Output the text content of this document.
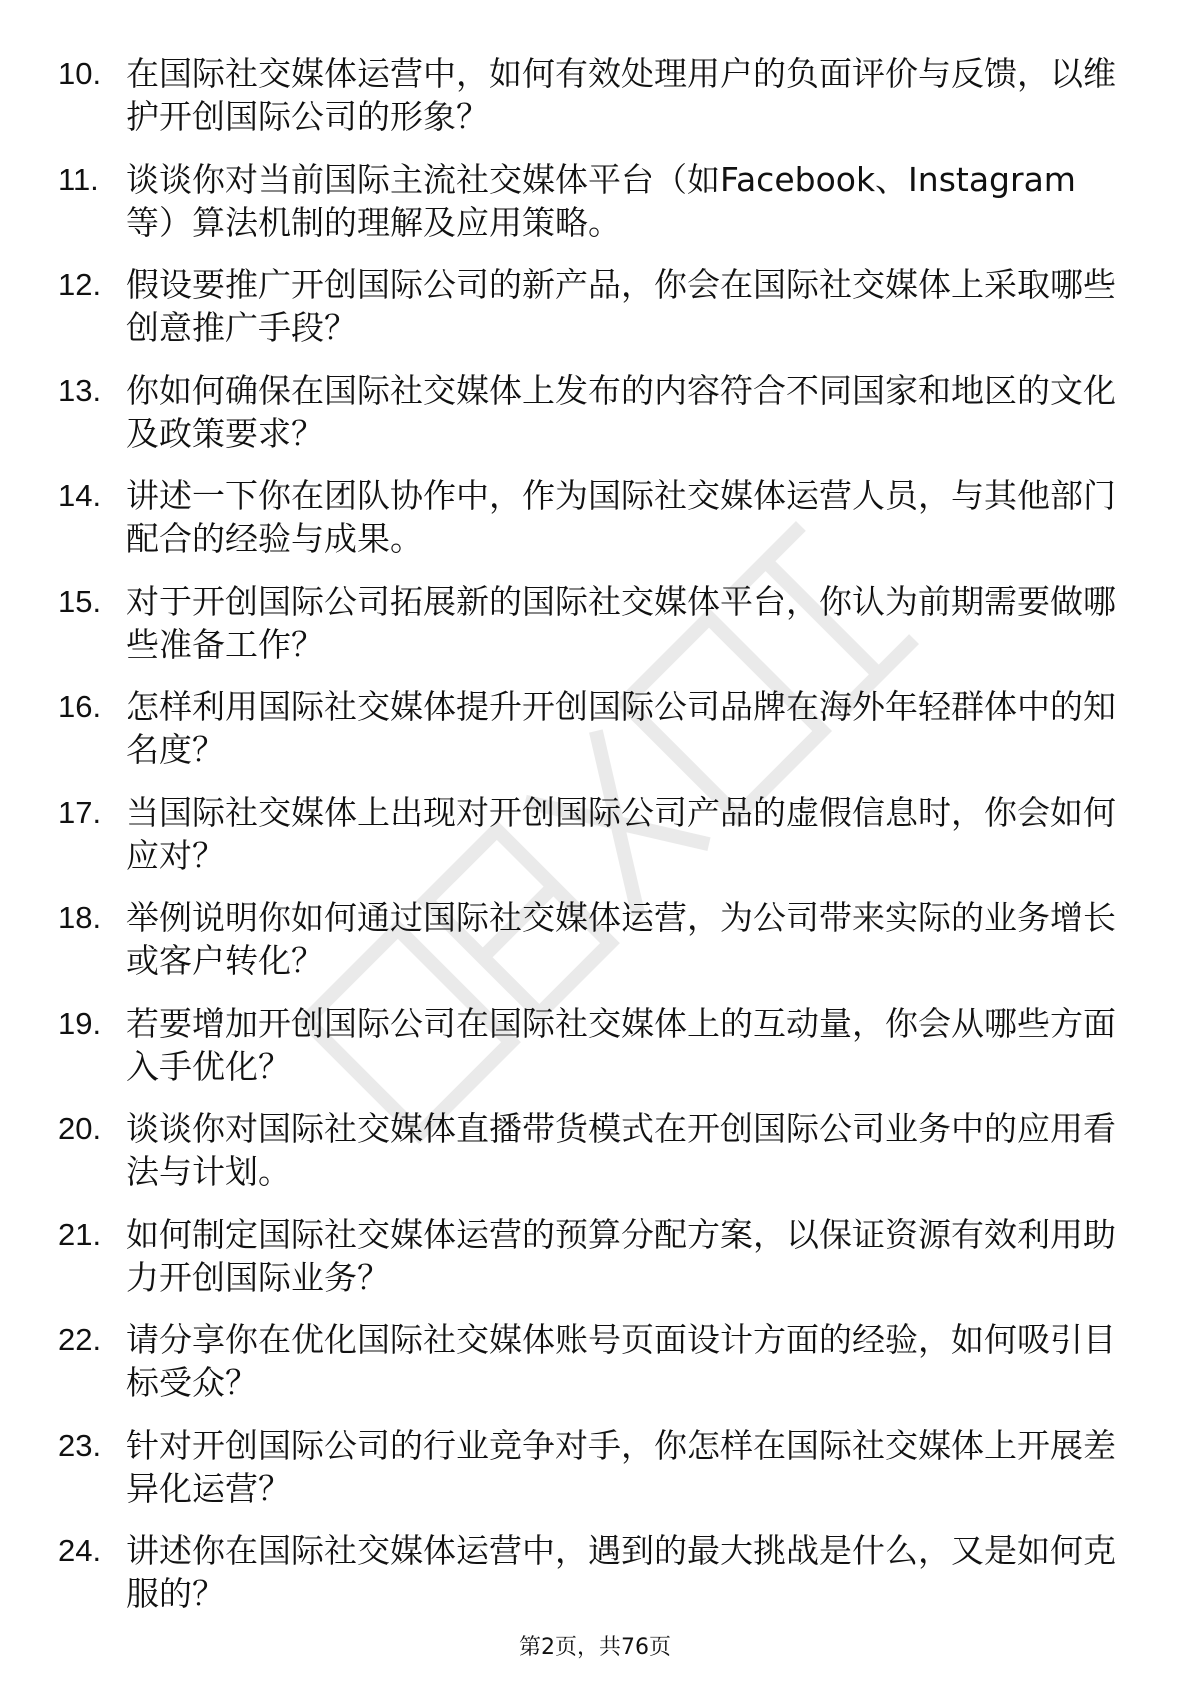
10. 在国际社交媒体运营中，如何有效处理用户的负面评价与反馈，以维护开创国际公司的形象？
11. 谈谈你对当前国际主流社交媒体平台（如Facebook、Instagram等）算法机制的理解及应用策略。
12. 假设要推广开创国际公司的新产品，你会在国际社交媒体上采取哪些创意推广手段？
13. 你如何确保在国际社交媒体上发布的内容符合不同国家和地区的文化及政策要求？
14. 讲述一下你在团队协作中，作为国际社交媒体运营人员，与其他部门配合的经验与成果。
15. 对于开创国际公司拓展新的国际社交媒体平台，你认为前期需要做哪些准备工作？
16. 怎样利用国际社交媒体提升开创国际公司品牌在海外年轻群体中的知名度？
17. 当国际社交媒体上出现对开创国际公司产品的虚假信息时，你会如何应对？
18. 举例说明你如何通过国际社交媒体运营，为公司带来实际的业务增长或客户转化？
19. 若要增加开创国际公司在国际社交媒体上的互动量，你会从哪些方面入手优化？
20. 谈谈你对国际社交媒体直播带货模式在开创国际公司业务中的应用看法与计划。
21. 如何制定国际社交媒体运营的预算分配方案，以保证资源有效利用助力开创国际业务？
22. 请分享你在优化国际社交媒体账号页面设计方面的经验，如何吸引目标受众？
23. 针对开创国际公司的行业竞争对手，你怎样在国际社交媒体上开展差异化运营？
24. 讲述你在国际社交媒体运营中，遇到的最大挑战是什么，又是如何克服的？
第2页，共76页
